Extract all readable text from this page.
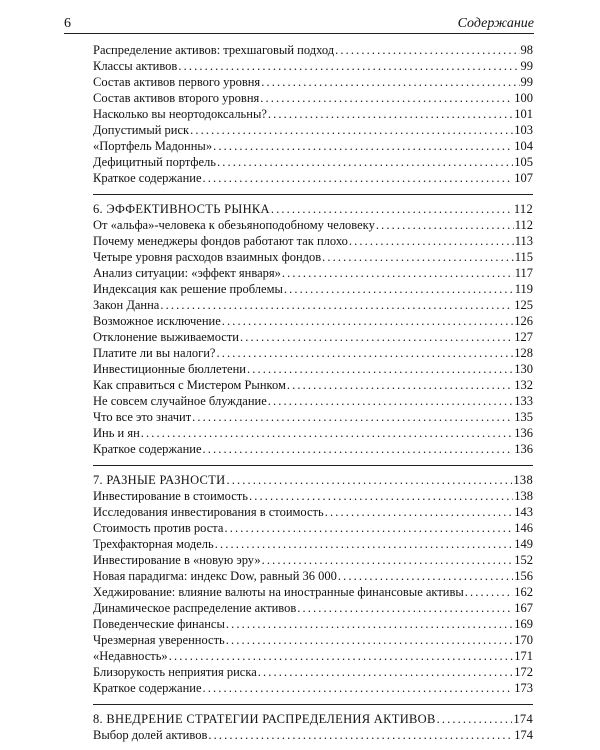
6	Содержание
Распределение активов: трехшаговый подход . . .	98
Классы активов . . .	99
Состав активов первого уровня . . .	99
Состав активов второго уровня . . .	100
Насколько вы неортодоксальны? . . .	101
Допустимый риск . . .	103
«Портфель Мадонны» . . .	104
Дефицитный портфель . . .	105
Краткое содержание . . .	107
6. ЭФФЕКТИВНОСТЬ РЫНКА . . .	112
От «альфа»-человека к обезьяноподобному человеку . . .	112
Почему менеджеры фондов работают так плохо . . .	113
Четыре уровня расходов взаимных фондов . . .	115
Анализ ситуации: «эффект января» . . .	117
Индексация как решение проблемы . . .	119
Закон Данна . . .	125
Возможное исключение . . .	126
Отклонение выживаемости . . .	127
Платите ли вы налоги? . . .	128
Инвестиционные бюллетени . . .	130
Как справиться с Мистером Рынком . . .	132
Не совсем случайное блуждание . . .	133
Что все это значит . . .	135
Инь и ян . . .	136
Краткое содержание . . .	136
7. РАЗНЫЕ РАЗНОСТИ . . .	138
Инвестирование в стоимость . . .	138
Исследования инвестирования в стоимость . . .	143
Стоимость против роста . . .	146
Трехфакторная модель . . .	149
Инвестирование в «новую эру» . . .	152
Новая парадигма: индекс Dow, равный 36 000 . . .	156
Хеджирование: влияние валюты на иностранные финансовые активы . . .	162
Динамическое распределение активов . . .	167
Поведенческие финансы . . .	169
Чрезмерная уверенность . . .	170
«Недавность» . . .	171
Близорукость неприятия риска . . .	172
Краткое содержание . . .	173
8. ВНЕДРЕНИЕ СТРАТЕГИИ РАСПРЕДЕЛЕНИЯ АКТИВОВ . . .	174
Выбор долей активов . . .	174
